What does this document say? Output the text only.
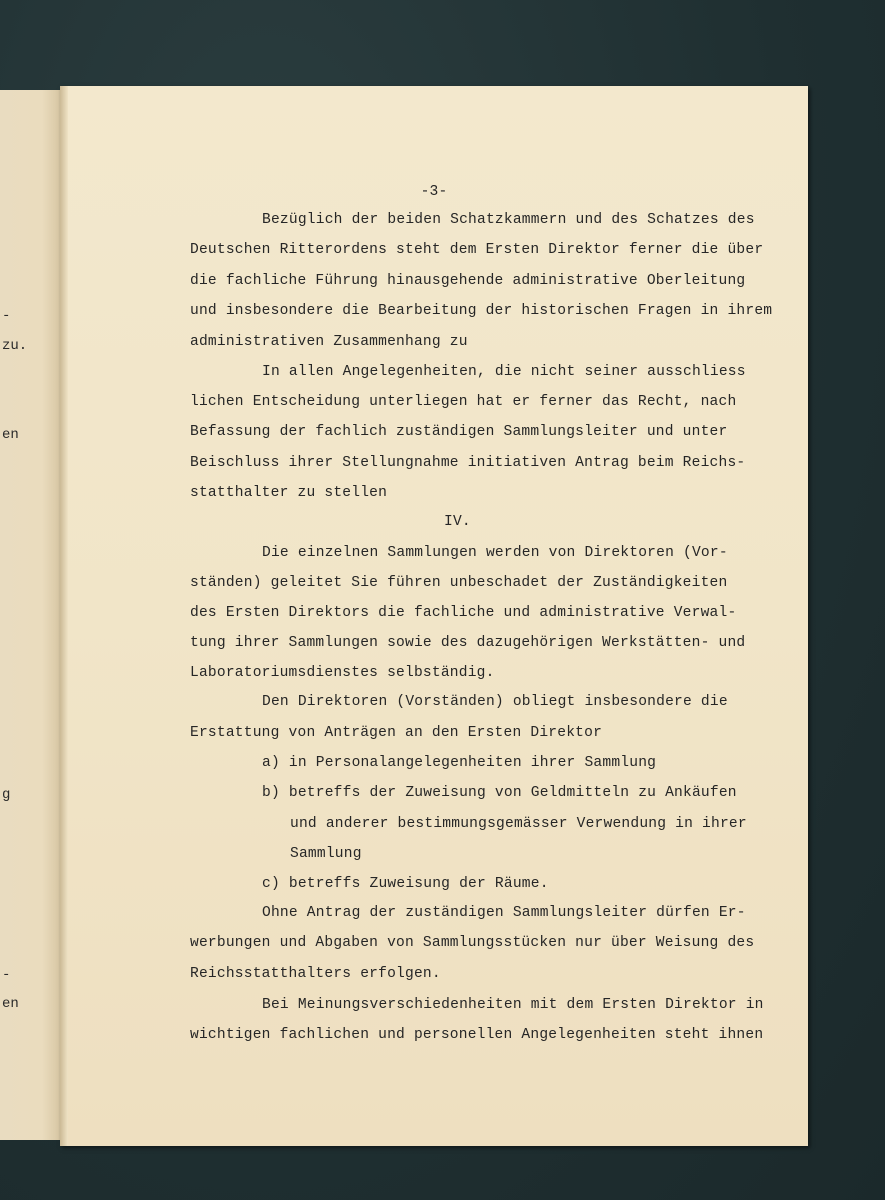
-
zu.
en
g
-
en
-3-
Bezüglich der beiden Schatzkammern und des Schatzes des
Deutschen Ritterordens steht dem Ersten Direktor ferner die über
die fachliche Führung hinausgehende administrative Oberleitung
und insbesondere die Bearbeitung der historischen Fragen in ihrem
administrativen Zusammenhang zu
In allen Angelegenheiten, die nicht seiner ausschliess
lichen Entscheidung unterliegen hat er ferner das Recht, nach
Befassung der fachlich zuständigen Sammlungsleiter und unter
Beischluss ihrer Stellungnahme initiativen Antrag beim Reichs-
statthalter zu stellen
IV.
Die einzelnen Sammlungen werden von Direktoren (Vor-
ständen) geleitet Sie führen unbeschadet der Zuständigkeiten
des Ersten Direktors die fachliche und administrative Verwal-
tung ihrer Sammlungen sowie des dazugehörigen Werkstätten- und
Laboratoriumsdienstes selbständig.
Den Direktoren (Vorständen) obliegt insbesondere die
Erstattung von Anträgen an den Ersten Direktor
a) in Personalangelegenheiten ihrer Sammlung
b) betreffs der Zuweisung von Geldmitteln zu Ankäufen
und anderer bestimmungsgemässer Verwendung in ihrer
Sammlung
c) betreffs Zuweisung der Räume.
Ohne Antrag der zuständigen Sammlungsleiter dürfen Er-
werbungen und Abgaben von Sammlungsstücken nur über Weisung des
Reichsstatthalters erfolgen.
Bei Meinungsverschiedenheiten mit dem Ersten Direktor in
wichtigen fachlichen und personellen Angelegenheiten steht ihnen
